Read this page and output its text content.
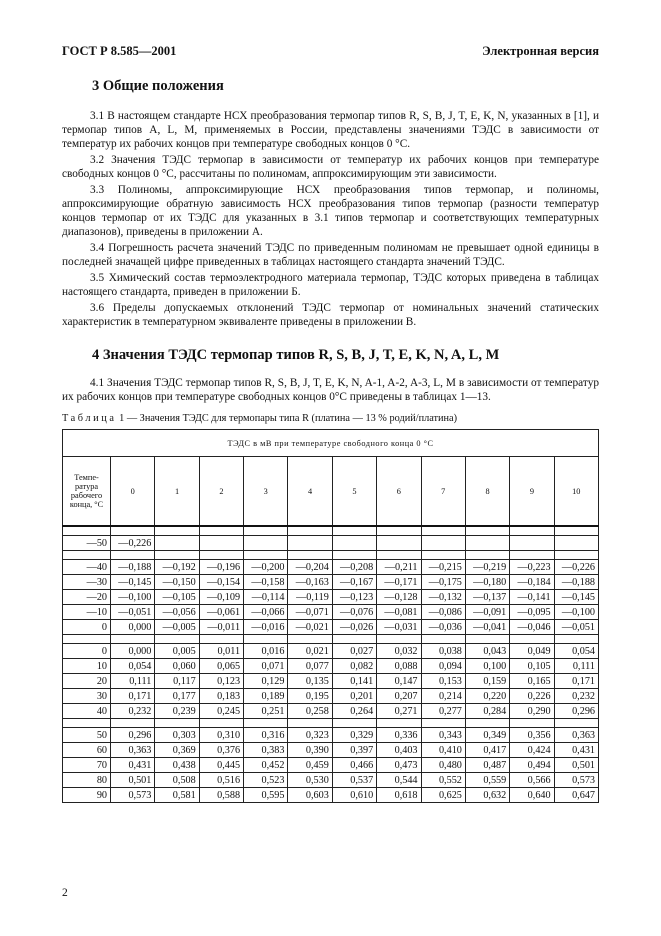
ГОСТ Р 8.585—2001	Электронная версия
3 Общие положения

3.1 В настоящем стандарте НСХ преобразования термопар типов R, S, B, J, T, E, K, N, указанных в [1], и термопар типов A, L, M, применяемых в России, представлены значениями ТЭДС в зависимости от температур их рабочих концов при температуре свободных концов 0 °C.

3.2 Значения ТЭДС термопар в зависимости от температур их рабочих концов при температуре свободных концов 0 °C, рассчитаны по полиномам, аппроксимирующим эти зависимости.

3.3 Полиномы, аппроксимирующие НСХ преобразования типов термопар, и полиномы, аппроксимирующие обратную зависимость НСХ преобразования типов термопар (разности температур концов термопар от их ТЭДС для указанных в 3.1 типов термопар и соответствующих температурных диапазонов), приведены в приложении А.

3.4 Погрешность расчета значений ТЭДС по приведенным полиномам не превышает одной единицы в последней значащей цифре приведенных в таблицах настоящего стандарта значений ТЭДС.

3.5 Химический состав термоэлектродного материала термопар, ТЭДС которых приведена в таблицах настоящего стандарта, приведен в приложении Б.

3.6 Пределы допускаемых отклонений ТЭДС термопар от номинальных значений статических характеристик в температурном эквиваленте приведены в приложении В.

4 Значения ТЭДС термопар типов R, S, B, J, T, E, K, N, A, L, M

4.1 Значения ТЭДС термопар типов R, S, B, J, T, E, K, N, A-1, A-2, A-3, L, M в зависимости от температур их рабочих концов при температуре свободных концов 0°C приведены в таблицах 1—13.

Таблица 1 — Значения ТЭДС для термопары типа R (платина — 13 % родий/платина)
ТЭДС в мВ при температуре свободного конца 0 °C											
Темпе-ратура рабочего конца, °C	0	1	2	3	4	5	6	7	8	9	10

—50	—0,226										

—40	—0,188	—0,192	—0,196	—0,200	—0,204	—0,208	—0,211	—0,215	—0,219	—0,223	—0,226
—30	—0,145	—0,150	—0,154	—0,158	—0,163	—0,167	—0,171	—0,175	—0,180	—0,184	—0,188
—20	—0,100	—0,105	—0,109	—0,114	—0,119	—0,123	—0,128	—0,132	—0,137	—0,141	—0,145
—10	—0,051	—0,056	—0,061	—0,066	—0,071	—0,076	—0,081	—0,086	—0,091	—0,095	—0,100
0	0,000	—0,005	—0,011	—0,016	—0,021	—0,026	—0,031	—0,036	—0,041	—0,046	—0,051

0	0,000	0,005	0,011	0,016	0,021	0,027	0,032	0,038	0,043	0,049	0,054
10	0,054	0,060	0,065	0,071	0,077	0,082	0,088	0,094	0,100	0,105	0,111
20	0,111	0,117	0,123	0,129	0,135	0,141	0,147	0,153	0,159	0,165	0,171
30	0,171	0,177	0,183	0,189	0,195	0,201	0,207	0,214	0,220	0,226	0,232
40	0,232	0,239	0,245	0,251	0,258	0,264	0,271	0,277	0,284	0,290	0,296

50	0,296	0,303	0,310	0,316	0,323	0,329	0,336	0,343	0,349	0,356	0,363
60	0,363	0,369	0,376	0,383	0,390	0,397	0,403	0,410	0,417	0,424	0,431
70	0,431	0,438	0,445	0,452	0,459	0,466	0,473	0,480	0,487	0,494	0,501
80	0,501	0,508	0,516	0,523	0,530	0,537	0,544	0,552	0,559	0,566	0,573
90	0,573	0,581	0,588	0,595	0,603	0,610	0,618	0,625	0,632	0,640	0,647
2
